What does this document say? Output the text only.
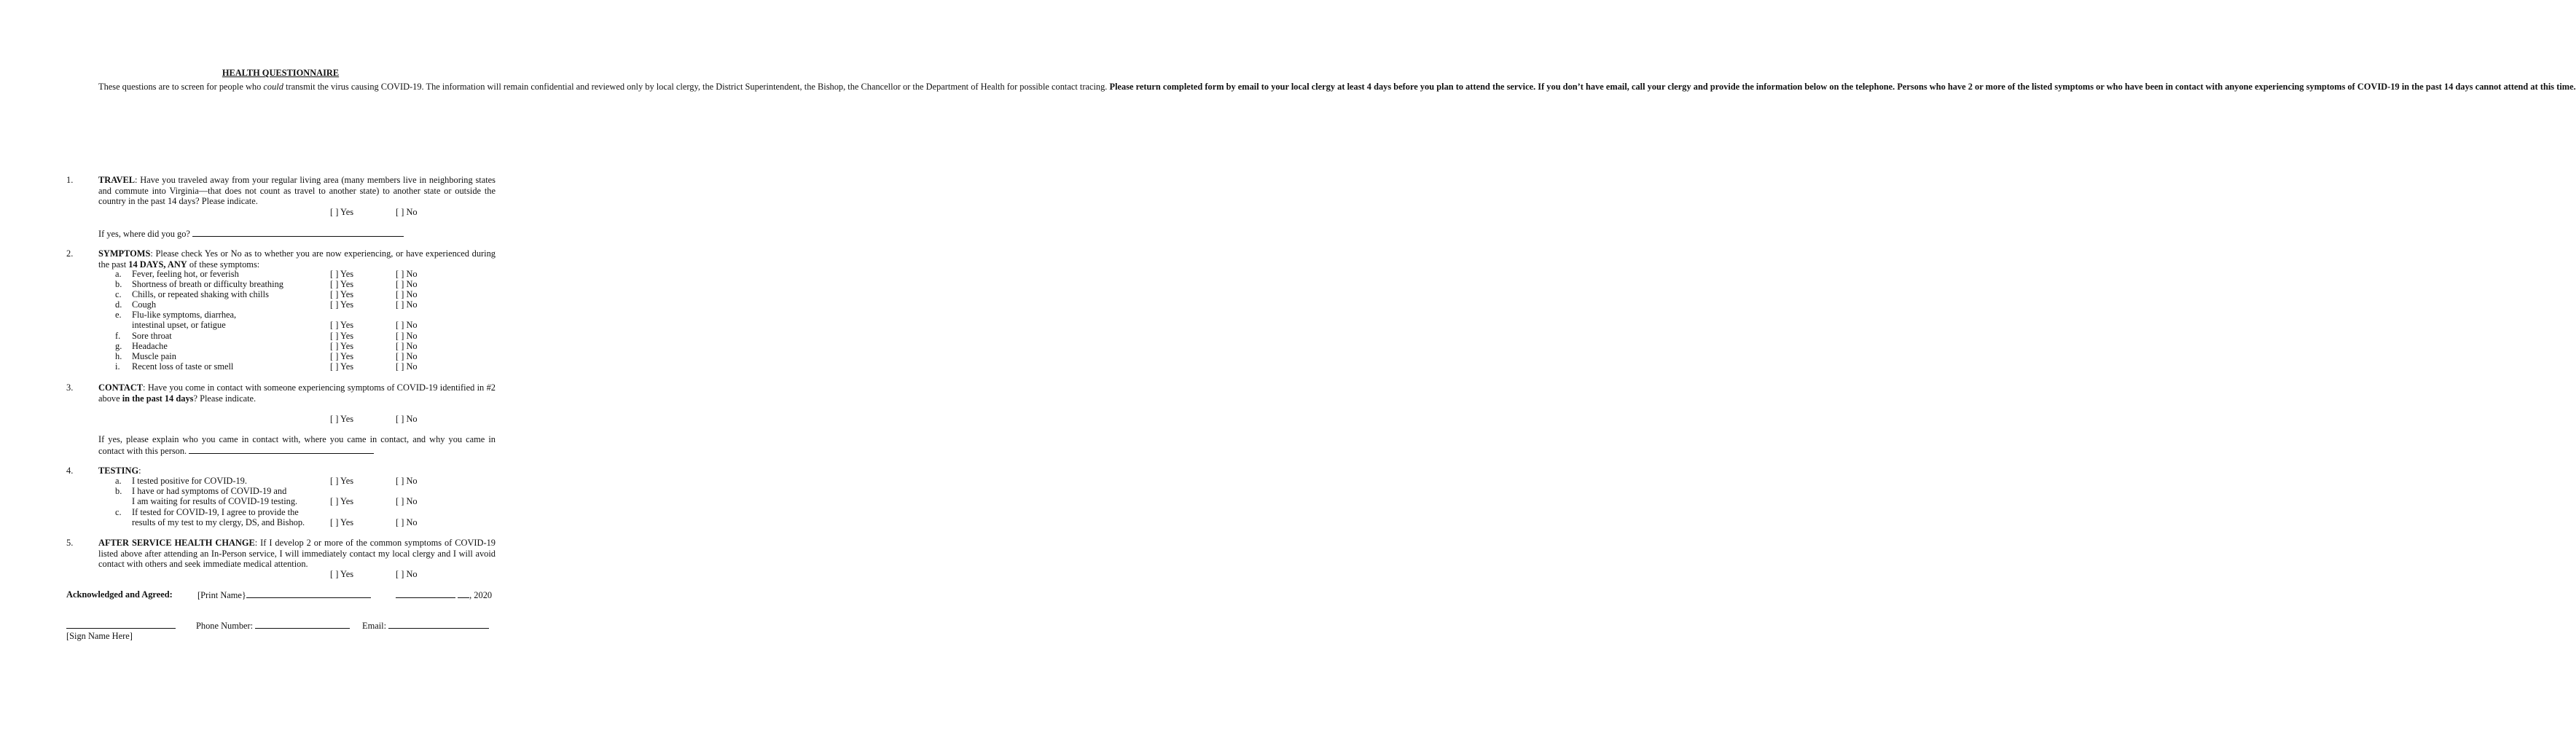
HEALTH QUESTIONNAIRE

These questions are to screen for people who could transmit the virus causing COVID-19. The information will remain confidential and reviewed only by local clergy, the District Superintendent, the Bishop, the Chancellor or the Department of Health for possible contact tracing. Please return completed form by email to your local clergy at least 4 days before you plan to attend the service. If you don’t have email, call your clergy and provide the information below on the telephone. Persons who have 2 or more of the listed symptoms or who have been in contact with anyone experiencing symptoms of COVID-19 in the past 14 days cannot attend at this time.

1.	TRAVEL: Have you traveled away from your regular living area (many members live in neighboring states and commute into Virginia—that does not count as travel to another state) to another state or outside the country in the past 14 days? Please indicate.
[ ] Yes	[ ] No
If yes, where did you go?
2.	SYMPTOMS: Please check Yes or No as to whether you are now experiencing, or have experienced during the past 14 DAYS, ANY of these symptoms:
a. Fever, feeling hot, or feverish	[ ] Yes	[ ] No
b. Shortness of breath or difficulty breathing	[ ] Yes	[ ] No
c. Chills, or repeated shaking with chills	[ ] Yes	[ ] No
d. Cough	[ ] Yes	[ ] No
e. Flu-like symptoms, diarrhea,
intestinal upset, or fatigue	[ ] Yes	[ ] No
f. Sore throat	[ ] Yes	[ ] No
g. Headache	[ ] Yes	[ ] No
h. Muscle pain	[ ] Yes	[ ] No
i. Recent loss of taste or smell	[ ] Yes	[ ] No
3.	CONTACT: Have you come in contact with someone experiencing symptoms of COVID-19 identified in #2 above in the past 14 days? Please indicate.
[ ] Yes	[ ] No
If yes, please explain who you came in contact with, where you came in contact, and why you came in contact with this person.
4.	TESTING:
a. I tested positive for COVID-19.	[ ] Yes	[ ] No
b. I have or had symptoms of COVID-19 and
I am waiting for results of COVID-19 testing.	[ ] Yes	[ ] No
c. If tested for COVID-19, I agree to provide the
results of my test to my clergy, DS, and Bishop.	[ ] Yes	[ ] No
5.	AFTER SERVICE HEALTH CHANGE: If I develop 2 or more of the common symptoms of COVID-19 listed above after attending an In-Person service, I will immediately contact my local clergy and I will avoid contact with others and seek immediate medical attention.
[ ] Yes	[ ] No
Acknowledged and Agreed:	[Print Name}	, 2020
Phone Number:	Email:
[Sign Name Here]
